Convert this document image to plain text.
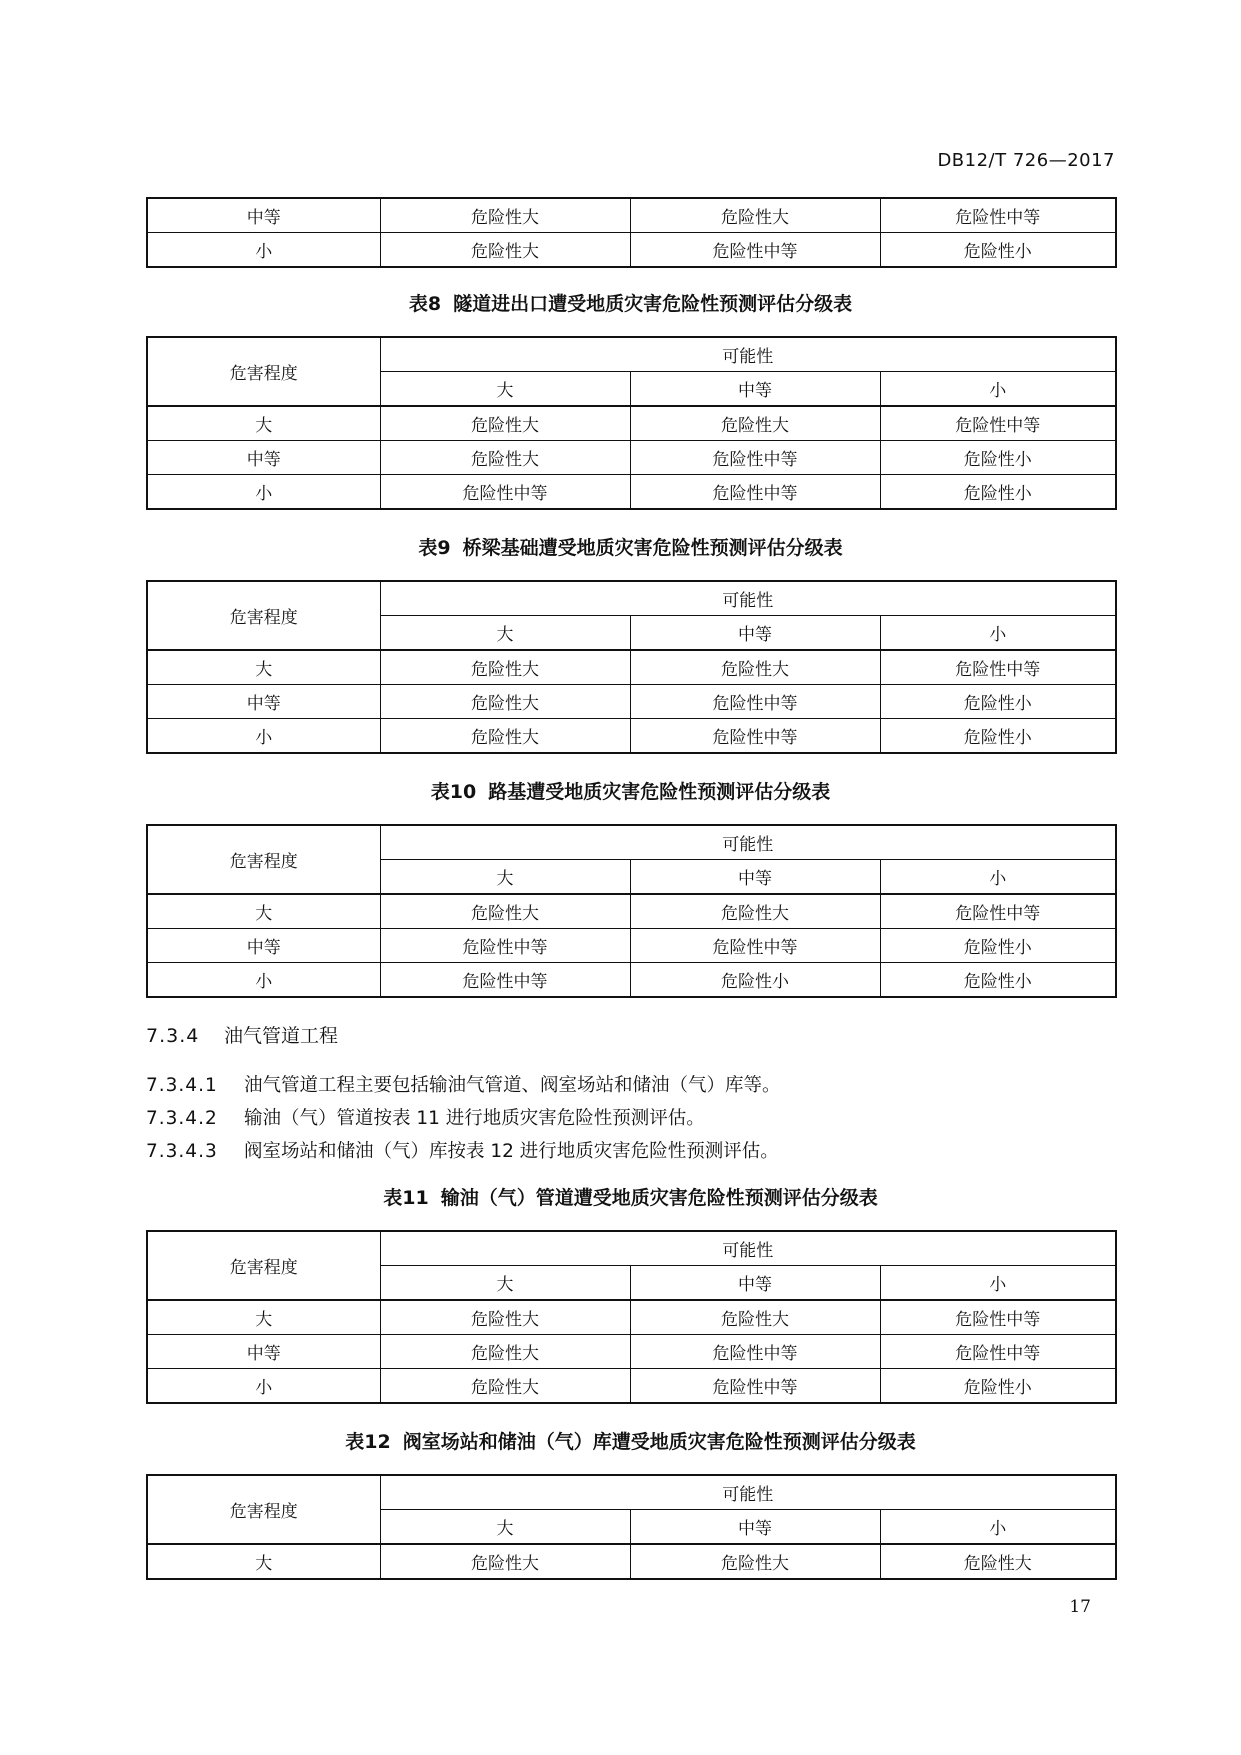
DB12/T 726—2017
中等	危险性大	危险性大	危险性中等
小	危险性大	危险性中等	危险性小
表8 隧道进出口遭受地质灾害危险性预测评估分级表
危害程度	可能性		
	大	中等	小
大	危险性大	危险性大	危险性中等
中等	危险性大	危险性中等	危险性小
小	危险性中等	危险性中等	危险性小
表9 桥梁基础遭受地质灾害危险性预测评估分级表
危害程度	可能性		
	大	中等	小
大	危险性大	危险性大	危险性中等
中等	危险性大	危险性中等	危险性小
小	危险性大	危险性中等	危险性小
表10 路基遭受地质灾害危险性预测评估分级表
危害程度	可能性		
	大	中等	小
大	危险性大	危险性大	危险性中等
中等	危险性中等	危险性中等	危险性小
小	危险性中等	危险性小	危险性小
7.3.4 油气管道工程
7.3.4.1 油气管道工程主要包括输油气管道、阀室场站和储油（气）库等。
7.3.4.2 输油（气）管道按表 11 进行地质灾害危险性预测评估。
7.3.4.3 阀室场站和储油（气）库按表 12 进行地质灾害危险性预测评估。
表11 输油（气）管道遭受地质灾害危险性预测评估分级表
危害程度	可能性		
	大	中等	小
大	危险性大	危险性大	危险性中等
中等	危险性大	危险性中等	危险性中等
小	危险性大	危险性中等	危险性小
表12 阀室场站和储油（气）库遭受地质灾害危险性预测评估分级表
危害程度	可能性		
	大	中等	小
大	危险性大	危险性大	危险性大
17
